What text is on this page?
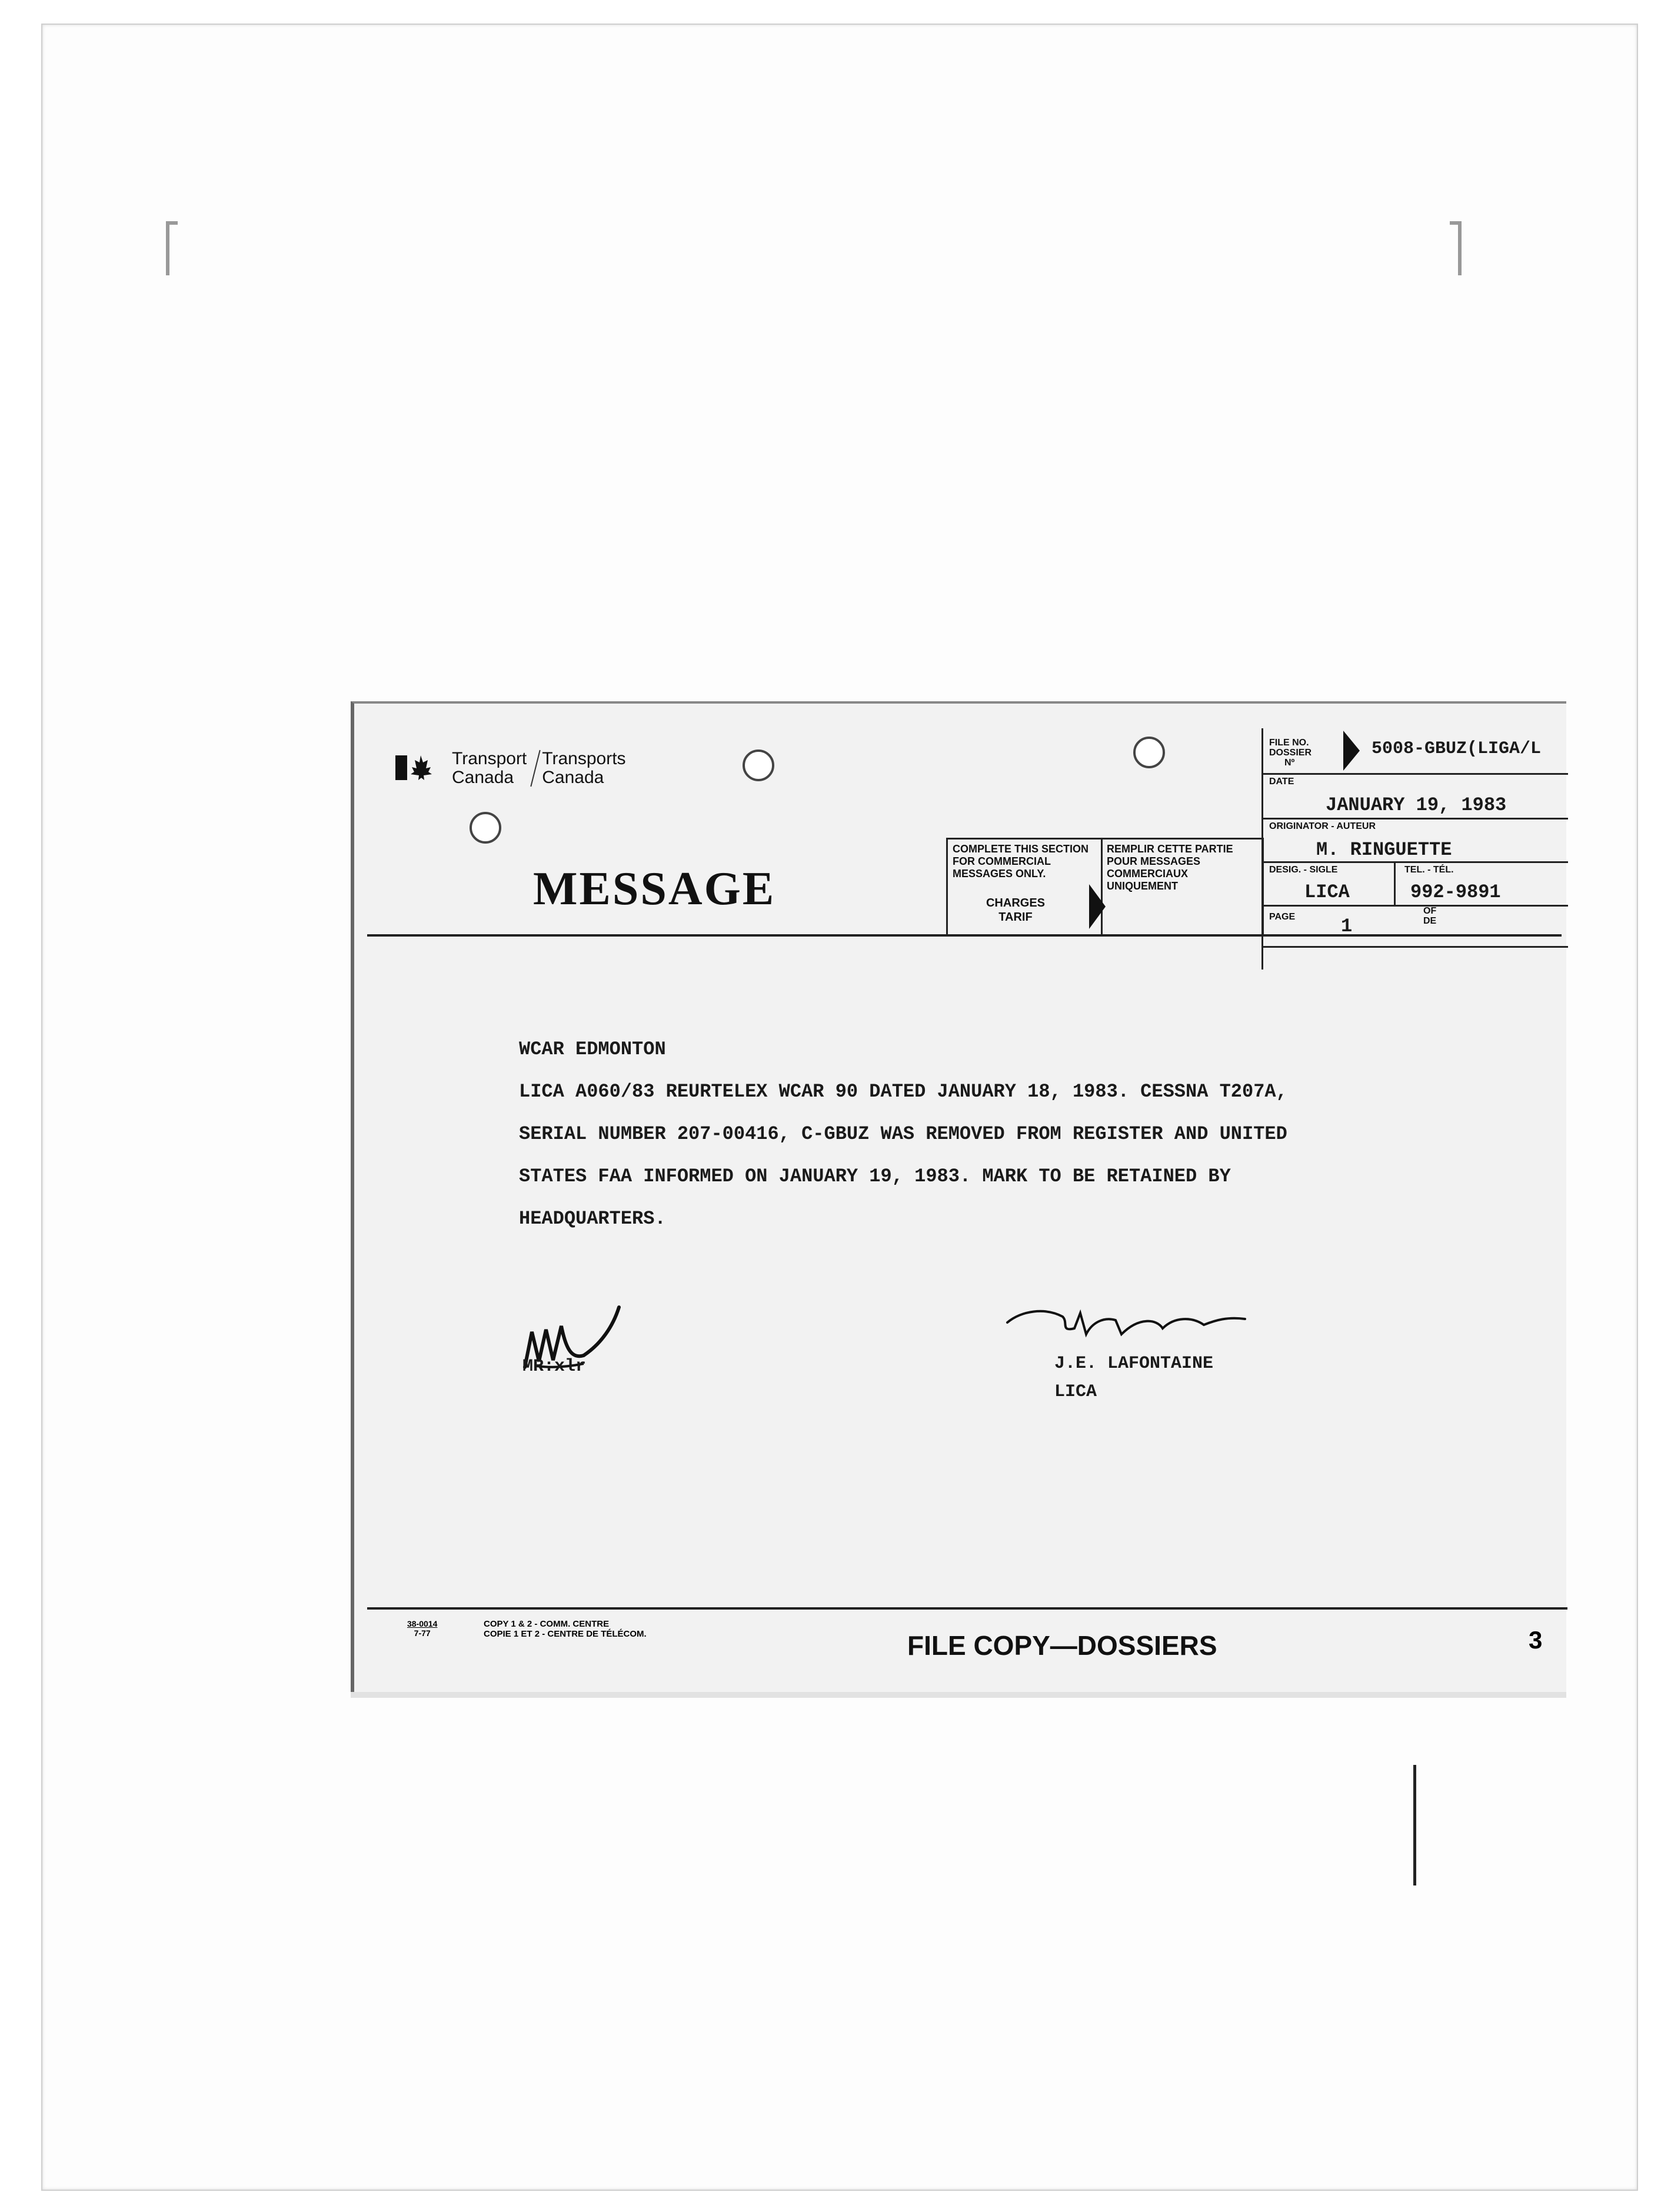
Transport
Canada
Transports
Canada
MESSAGE
COMPLETE THIS SECTION FOR COMMERCIAL MESSAGES ONLY.
CHARGES
TARIF
REMPLIR CETTE PARTIE POUR MESSAGES COMMERCIAUX UNIQUEMENT
FILE NO.
DOSSIER
Nº
5008-GBUZ(LIGA/L
DATE
JANUARY 19, 1983
ORIGINATOR - AUTEUR
M. RINGUETTE
DESIG. - SIGLE
LICA
TEL. - TÉL.
992-9891
PAGE 1
OF
DE
WCAR EDMONTON
LICA A060/83 REURTELEX WCAR 90 DATED JANUARY 18, 1983. CESSNA T207A,
SERIAL NUMBER 207-00416, C-GBUZ WAS REMOVED FROM REGISTER AND UNITED
STATES FAA INFORMED ON JANUARY 19, 1983. MARK TO BE RETAINED BY
HEADQUARTERS.
MR:xlr	J.E. LAFONTAINE
LICA
38-0014
7-77
COPY 1 & 2 - COMM. CENTRE
COPIE 1 ET 2 - CENTRE DE TÉLÉCOM.	FILE COPY—DOSSIERS	3
